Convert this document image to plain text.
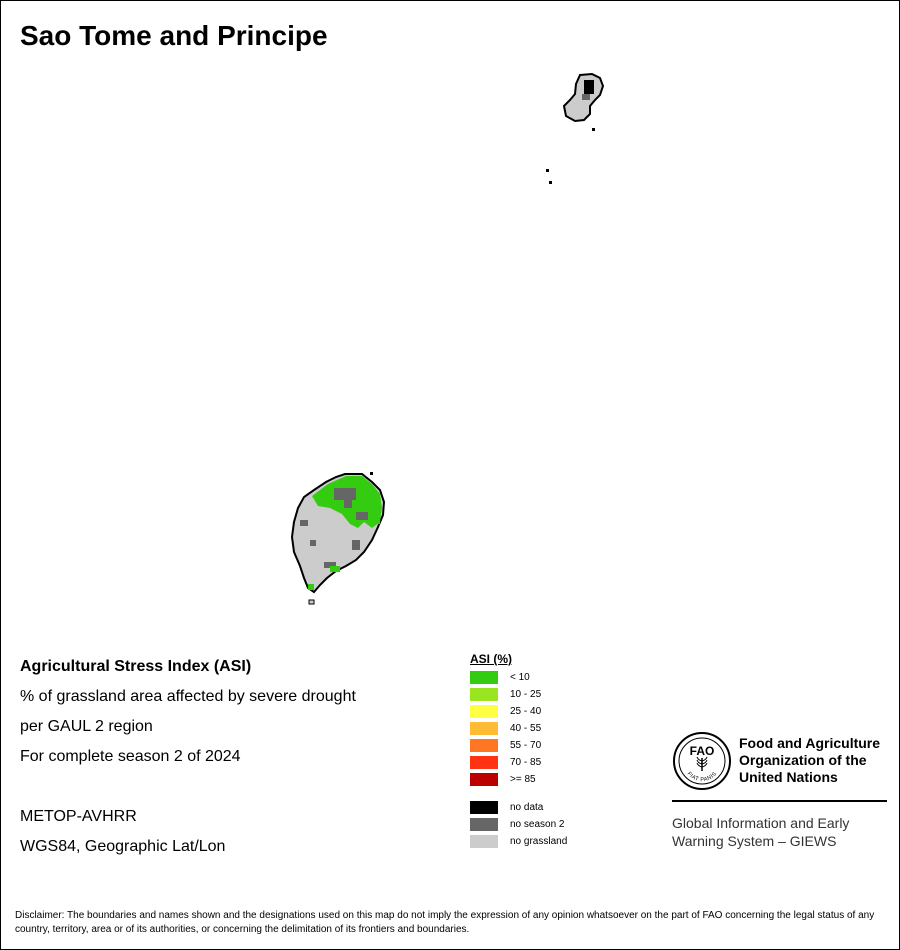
Sao Tome and Principe
Agricultural Stress Index (ASI)
% of grassland area affected by severe drought
per GAUL 2 region
For complete season 2 of 2024
METOP-AVHRR
WGS84, Geographic Lat/Lon
ASI (%)
< 10
10 - 25
25 - 40
40 - 55
55 - 70
70 - 85
>= 85
no data
no season 2
no grassland
FAO
FIAT PANIS
Food and Agriculture
Organization of the
United Nations
Global Information and Early
Warning System – GIEWS
Disclaimer: The boundaries and names shown and the designations used on this map do not imply the expression of any opinion whatsoever on the part of FAO concerning the legal status of any country, territory, area or of its authorities, or concerning the delimitation of its frontiers and boundaries.
